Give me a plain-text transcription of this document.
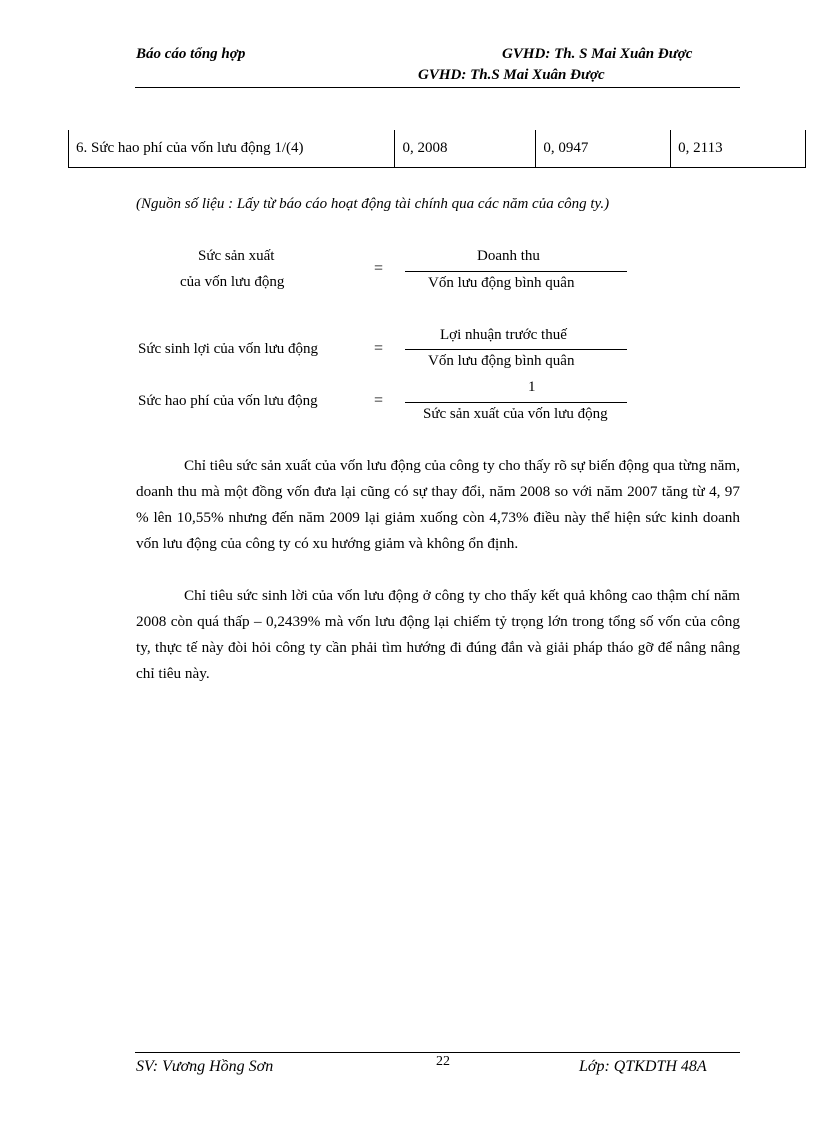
Báo cáo tổng hợp	GVHD: Th. S Mai Xuân Được
GVHD: Th.S Mai Xuân Được
6. Sức hao phí của vốn lưu động 1/(4)	0, 2008	0, 0947	0, 2113
(Nguồn số liệu : Lấy từ báo cáo hoạt động tài chính qua các năm của công ty.)
Sức sản xuất
của vốn lưu động
=
Doanh thu
Vốn lưu động bình quân
Sức sinh lợi của vốn lưu động	=
Lợi nhuận trước thuế
Vốn lưu động bình quân
Sức hao phí của vốn lưu động	=
1
Sức sản xuất của vốn lưu động

Chỉ tiêu sức sản xuất của vốn lưu động của công ty cho thấy rõ sự biến động qua từng năm, doanh thu mà một đồng vốn đưa lại cũng có sự thay đổi, năm 2008 so với năm 2007 tăng từ 4, 97 % lên 10,55% nhưng đến năm 2009 lại giảm xuống còn 4,73% điều này thể hiện sức kinh doanh vốn lưu động của công ty có xu hướng giảm và không ổn định.

Chỉ tiêu sức sinh lời của vốn lưu động ở công ty cho thấy kết quả không cao thậm chí năm 2008 còn quá thấp – 0,2439% mà vốn lưu động lại chiếm tỷ trọng lớn trong tổng số vốn của công ty, thực tế này đòi hỏi công ty cần phải tìm hướng đi đúng đắn và giải pháp tháo gỡ để nâng nâng chỉ tiêu này.

SV: Vương Hồng Sơn	22	Lớp: QTKDTH 48A
